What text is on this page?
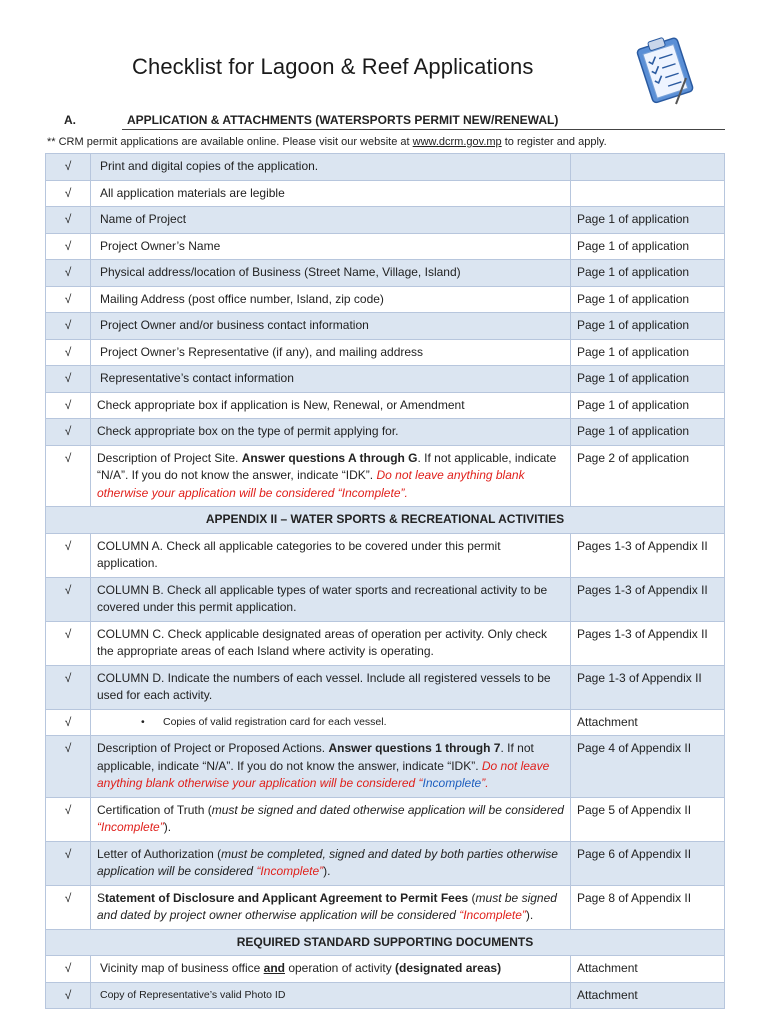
Checklist for Lagoon & Reef Applications
A.	APPLICATION & ATTACHMENTS (WATERSPORTS PERMIT NEW/RENEWAL)
** CRM permit applications are available online. Please visit our website at www.dcrm.gov.mp to register and apply.
√	Print and digital copies of the application.	
√	All application materials are legible	
√	Name of Project	Page 1 of application
√	Project Owner’s Name	Page 1 of application
√	Physical address/location of Business (Street Name, Village, Island)	Page 1 of application
√	Mailing Address (post office number, Island, zip code)	Page 1 of application
√	Project Owner and/or business contact information	Page 1 of application
√	Project Owner’s Representative (if any), and mailing address	Page 1 of application
√	Representative’s contact information	Page 1 of application
√	Check appropriate box if application is New, Renewal, or Amendment	Page 1 of application
√	Check appropriate box on the type of permit applying for.	Page 1 of application
√	Description of Project Site. Answer questions A through G. If not applicable, indicate “N/A”. If you do not know the answer, indicate “IDK”. Do not leave anything blank otherwise your application will be considered “Incomplete”.	Page 2 of application
APPENDIX II – WATER SPORTS & RECREATIONAL ACTIVITIES		
√	COLUMN A. Check all applicable categories to be covered under this permit application.	Pages 1-3 of Appendix II
√	COLUMN B. Check all applicable types of water sports and recreational activity to be covered under this permit application.	Pages 1-3 of Appendix II
√	COLUMN C. Check applicable designated areas of operation per activity. Only check the appropriate areas of each Island where activity is operating.	Pages 1-3 of Appendix II
√	COLUMN D. Indicate the numbers of each vessel. Include all registered vessels to be used for each activity.	Page 1-3 of Appendix II
√	• Copies of valid registration card for each vessel.	Attachment
√	Description of Project or Proposed Actions. Answer questions 1 through 7. If not applicable, indicate “N/A”. If you do not know the answer, indicate “IDK”. Do not leave anything blank otherwise your application will be considered “Incomplete”.	Page 4 of Appendix II
√	Certification of Truth (must be signed and dated otherwise application will be considered “Incomplete”).	Page 5 of Appendix II
√	Letter of Authorization (must be completed, signed and dated by both parties otherwise application will be considered “Incomplete”).	Page 6 of Appendix II
√	Statement of Disclosure and Applicant Agreement to Permit Fees (must be signed and dated by project owner otherwise application will be considered “Incomplete”).	Page 8 of Appendix II
REQUIRED STANDARD SUPPORTING DOCUMENTS		
√	Vicinity map of business office and operation of activity (designated areas)	Attachment
√	Copy of Representative’s valid Photo ID	Attachment
